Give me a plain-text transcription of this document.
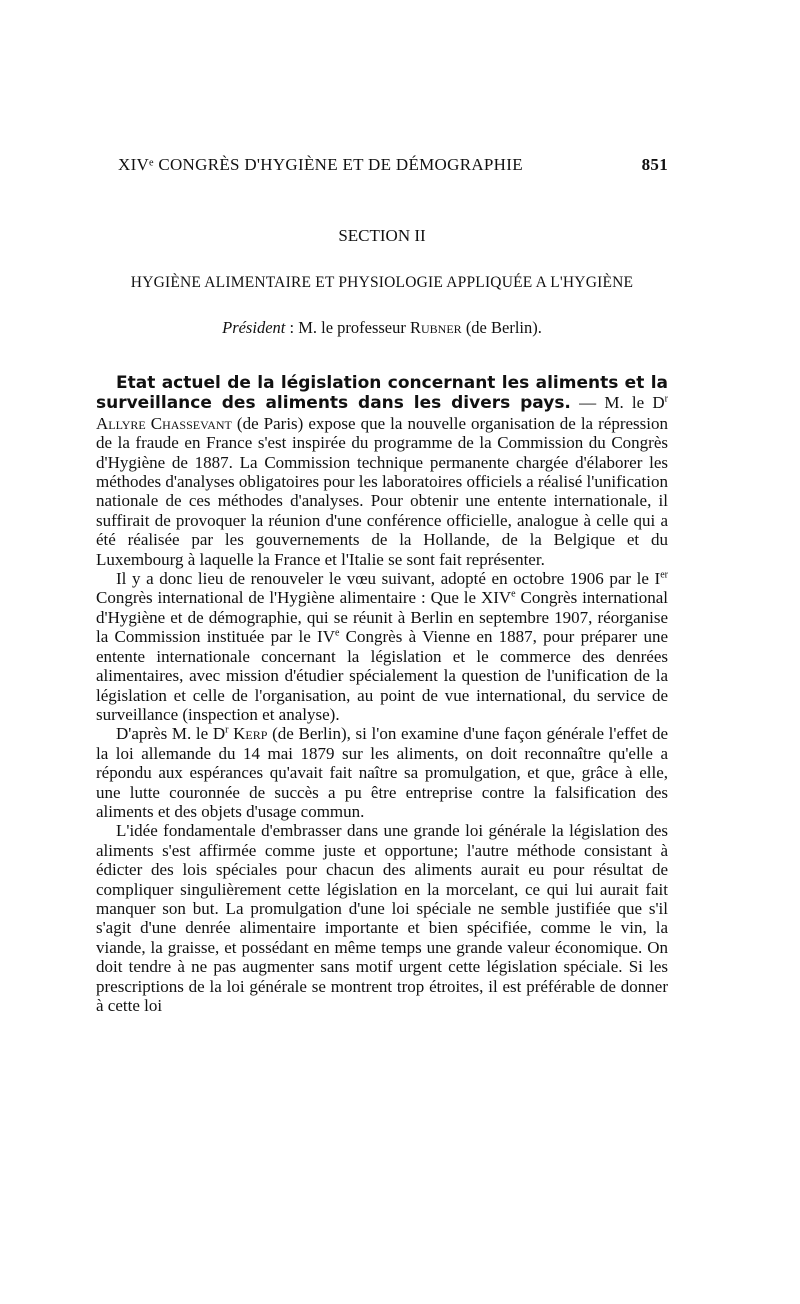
XIVᵉ CONGRÈS D'HYGIÈNE ET DE DÉMOGRAPHIE	851
SECTION II
HYGIÈNE ALIMENTAIRE ET PHYSIOLOGIE APPLIQUÉE A L'HYGIÈNE
Président : M. le professeur Rubner (de Berlin).

Etat actuel de la législation concernant les aliments et la surveillance des aliments dans les divers pays. — M. le $D^r$ Allyre Chassevant (de Paris) expose que la nouvelle organisation de la répression de la fraude en France s'est inspirée du programme de la Commission du Congrès d'Hygiène de 1887. La Commission technique permanente chargée d'élaborer les méthodes d'analyses obligatoires pour les laboratoires officiels a réalisé l'unification nationale de ces méthodes d'analyses. Pour obtenir une entente internationale, il suffirait de provoquer la réunion d'une conférence officielle, analogue à celle qui a été réalisée par les gouvernements de la Hollande, de la Belgique et du Luxembourg à laquelle la France et l'Italie se sont fait représenter.

Il y a donc lieu de renouveler le vœu suivant, adopté en octobre 1906 par le Ier Congrès international de l'Hygiène alimentaire : Que le XIVe Congrès international d'Hygiène et de démographie, qui se réunit à Berlin en septembre 1907, réorganise la Commission instituée par le IVe Congrès à Vienne en 1887, pour préparer une entente internationale concernant la législation et le commerce des denrées alimentaires, avec mission d'étudier spécialement la question de l'unification de la législation et celle de l'organisation, au point de vue international, du service de surveillance (inspection et analyse).

D'après M. le $D^r$ Kerp (de Berlin), si l'on examine d'une façon générale l'effet de la loi allemande du 14 mai 1879 sur les aliments, on doit reconnaître qu'elle a répondu aux espérances qu'avait fait naître sa promulgation, et que, grâce à elle, une lutte couronnée de succès a pu être entreprise contre la falsification des aliments et des objets d'usage commun.

L'idée fondamentale d'embrasser dans une grande loi générale la législation des aliments s'est affirmée comme juste et opportune; l'autre méthode consistant à édicter des lois spéciales pour chacun des aliments aurait eu pour résultat de compliquer singulièrement cette législation en la morcelant, ce qui lui aurait fait manquer son but. La promulgation d'une loi spéciale ne semble justifiée que s'il s'agit d'une denrée alimentaire importante et bien spécifiée, comme le vin, la viande, la graisse, et possédant en même temps une grande valeur économique. On doit tendre à ne pas augmenter sans motif urgent cette législation spéciale. Si les prescriptions de la loi générale se montrent trop étroites, il est préférable de donner à cette loi
